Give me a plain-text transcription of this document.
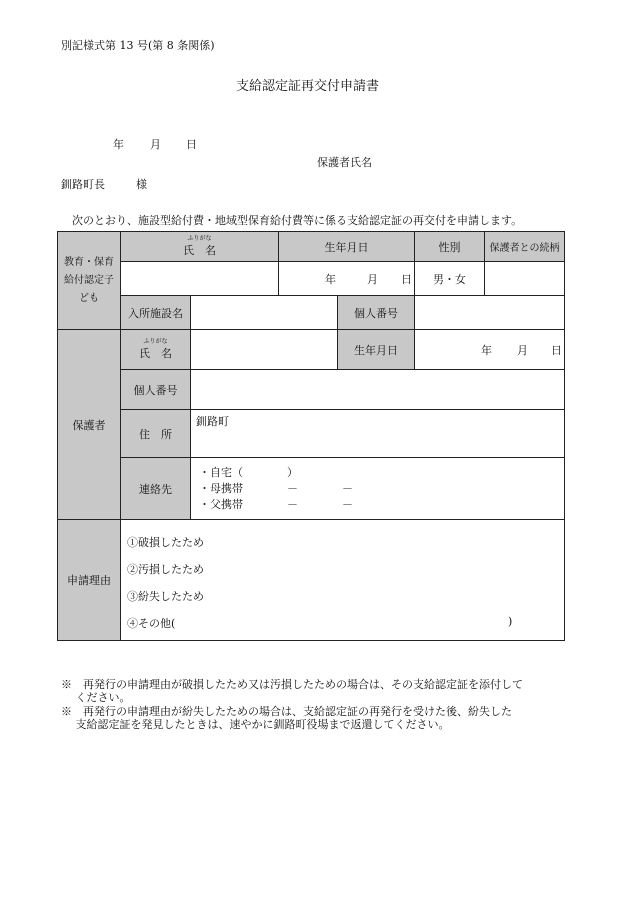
別記様式第 13 号(第 8 条関係)
支給認定証再交付申請書
年 月 日
保護者氏名
釧路町長	様
次のとおり、施設型給付費・地域型保育給付費等に係る支給認定証の再交付を申請します。
教育・保育給付認定子ども	ふりがな
氏　名		生年月日		性別	保護者との続柄

			年 月 日		男・女	
	入所施設名			個人番号		
保護者	ふりがな
氏　名			生年月日	年 月 日	

	個人番号					
	住　所	釧路町				
	連絡先	・自宅（　　　　）
・母携帯　　　　－　　　　－
・父携帯　　　　－　　　　－				

申請理由	①破損したため
②汚損したため
③紛失したため
④その他( )					
※　再発行の申請理由が破損したため又は汚損したための場合は、その支給認定証を添付して
　 ください。
※　再発行の申請理由が紛失したための場合は、支給認定証の再発行を受けた後、紛失した
　 支給認定証を発見したときは、速やかに釧路町役場まで返還してください。
